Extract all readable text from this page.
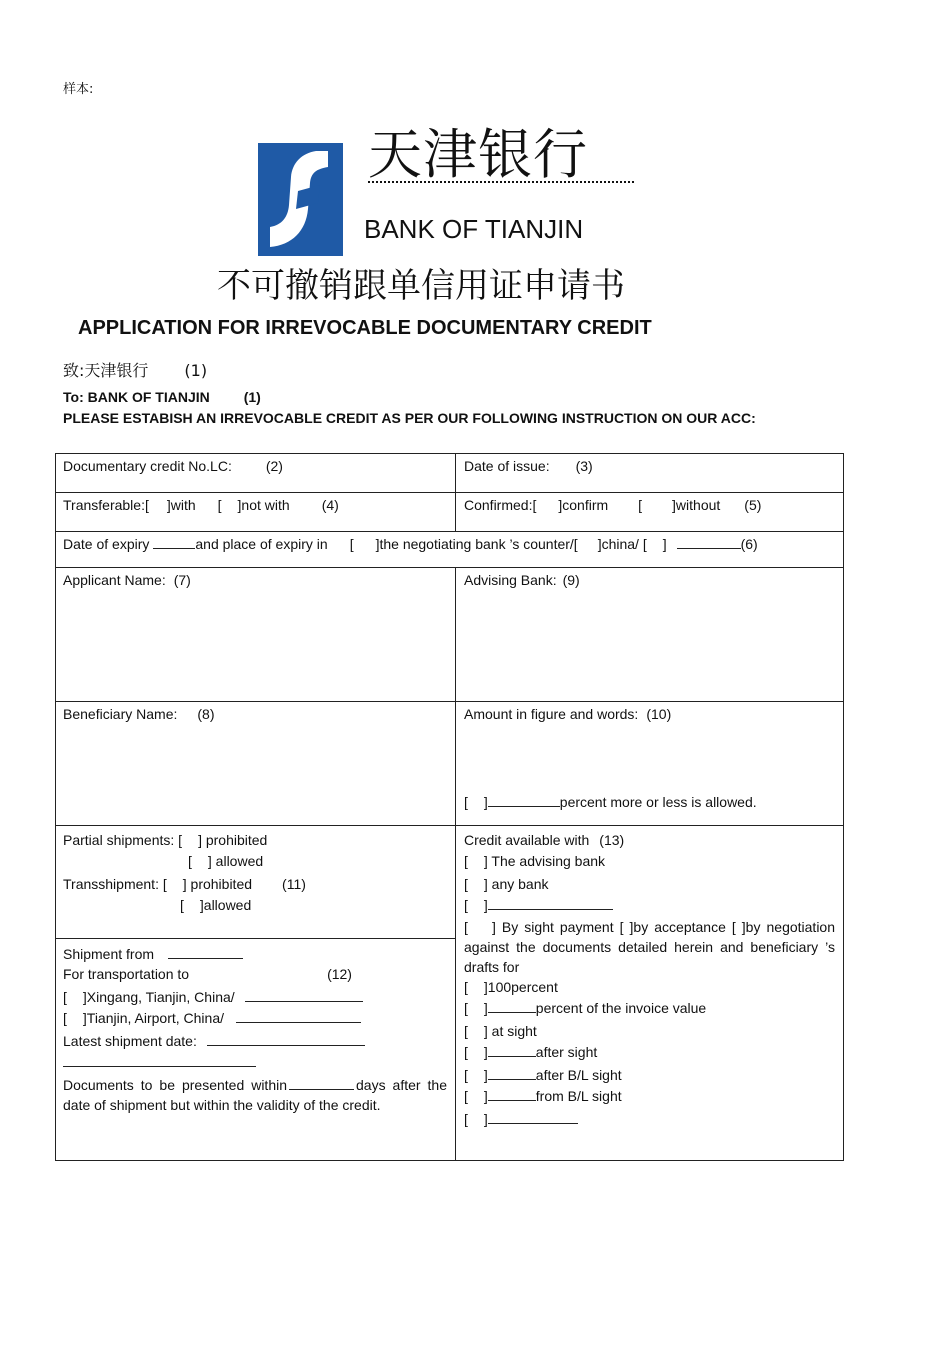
样本:
天津银行
BANK OF TIANJIN
不可撤销跟单信用证申请书
APPLICATION FOR IRREVOCABLE DOCUMENTARY CREDIT
致:天津银行 (1)
To: BANK OF TIANJIN (1)
PLEASE ESTABISH AN IRREVOCABLE CREDIT AS PER OUR FOLLOWING INSTRUCTION ON OUR ACC:
Documentary credit No.LC: (2)	Date of issue: (3)
Transferable:[ ]with [ ]not with (4)	Confirmed:[ ]confirm [ ]without (5)
Date of expiry	and place of expiry in [ ]the negotiating bank ’s counter/[ ]china/ [ ]	(6)
Applicant Name: (7)	Advising Bank: (9)
Beneficiary Name: (8)	Amount in figure and words: (10)
[ ]	percent more or less is allowed.
Partial shipments: [ ] prohibited
[ ] allowed
Transshipment: [ ] prohibited (11)
[ ]allowed
Shipment from
For transportation to	(12)
[ ]Xingang, Tianjin, China/
[ ]Tianjin, Airport, China/
Latest shipment date:
Documents to be presented within	days after the date of shipment but within the validity of the credit.
Credit available with (13)
[ ] The advising bank
[ ] any bank
[ ]
[ ] By sight payment [ ]by acceptance [ ]by negotiation against the documents detailed herein and beneficiary ’s drafts for
[ ]100percent
[ ]	percent of the invoice value
[ ] at sight
[ ]	after sight
[ ]	after B/L sight
[ ]	from B/L sight
[ ]
